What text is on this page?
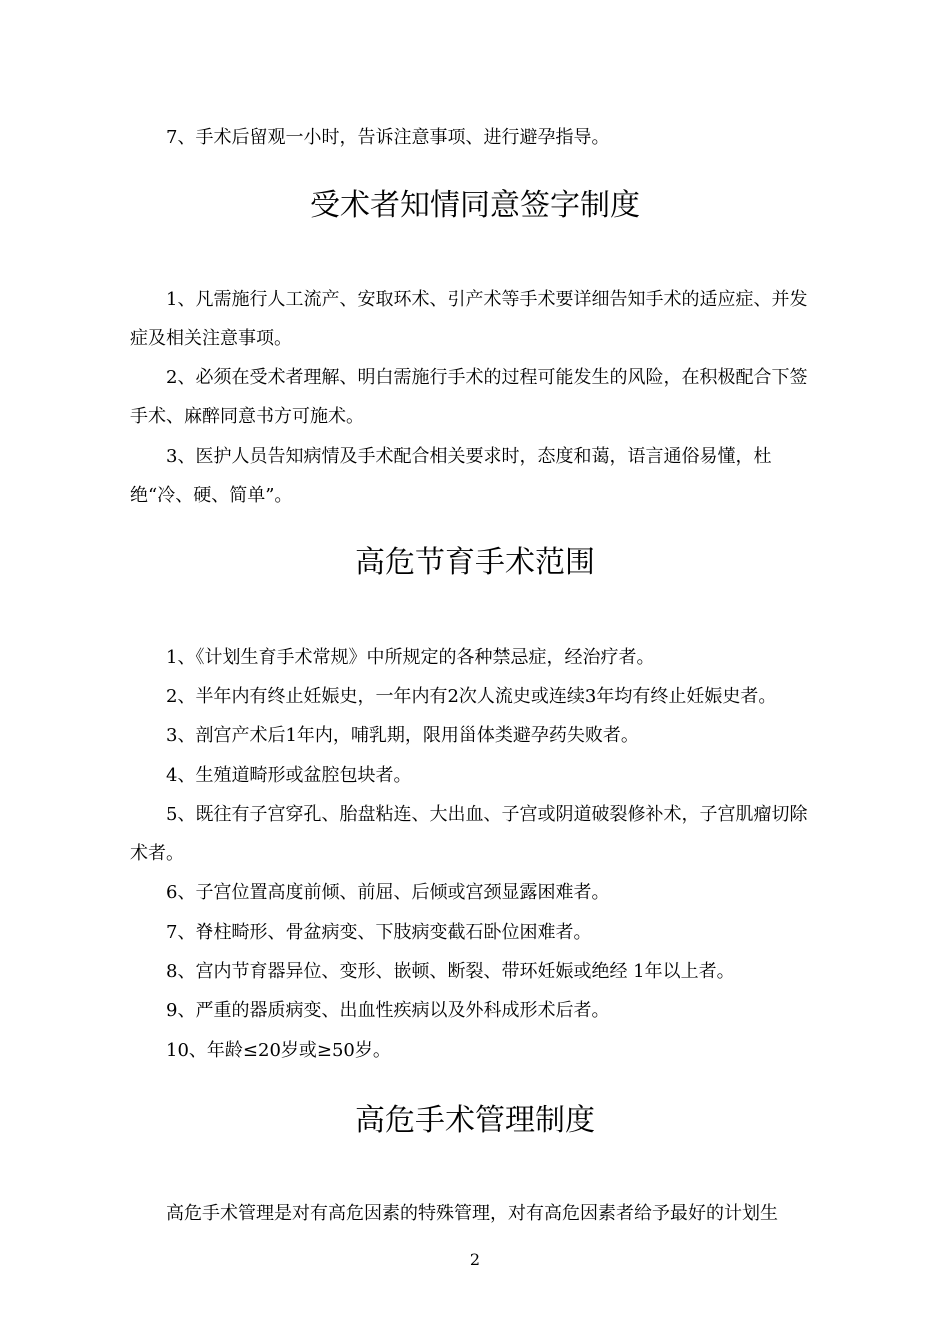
7、手术后留观一小时，告诉注意事项、进行避孕指导。

受术者知情同意签字制度

1、凡需施行人工流产、安取环术、引产术等手术要详细告知手术的适应症、并发症及相关注意事项。

2、必须在受术者理解、明白需施行手术的过程可能发生的风险，在积极配合下签手术、麻醉同意书方可施术。

3、医护人员告知病情及手术配合相关要求时，态度和蔼，语言通俗易懂，杜绝“冷、硬、简单”。

高危节育手术范围

1、《计划生育手术常规》中所规定的各种禁忌症，经治疗者。

2、半年内有终止妊娠史，一年内有2次人流史或连续3年均有终止妊娠史者。

3、剖宫产术后1年内，哺乳期，限用甾体类避孕药失败者。

4、生殖道畸形或盆腔包块者。

5、既往有子宫穿孔、胎盘粘连、大出血、子宫或阴道破裂修补术，子宫肌瘤切除术者。

6、子宫位置高度前倾、前屈、后倾或宫颈显露困难者。

7、脊柱畸形、骨盆病变、下肢病变截石卧位困难者。

8、宫内节育器异位、变形、嵌顿、断裂、带环妊娠或绝经 1年以上者。

9、严重的器质病变、出血性疾病以及外科成形术后者。

10、年龄≤20岁或≥50岁。

高危手术管理制度

高危手术管理是对有高危因素的特殊管理，对有高危因素者给予最好的计划生

2
